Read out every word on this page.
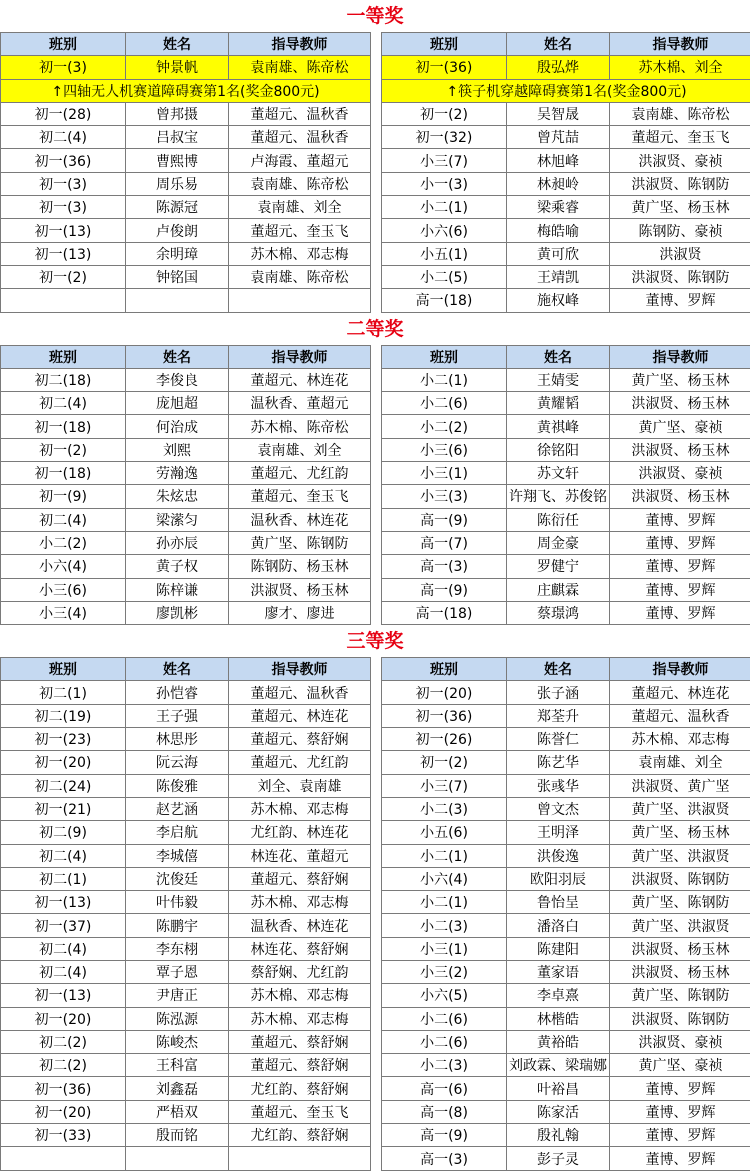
一等奖
班别	姓名	指导教师
初一(3)	钟景帆	袁南雄、陈帝松
↑四轴无人机赛道障碍赛第1名(奖金800元)		
初一(28)	曾邦摄	董超元、温秋香
初二(4)	吕叔宝	董超元、温秋香
初一(36)	曹熙博	卢海霞、董超元
初一(3)	周乐易	袁南雄、陈帝松
初一(3)	陈源冠	袁南雄、刘全
初一(13)	卢俊朗	董超元、奎玉飞
初一(13)	余明璋	苏木棉、邓志梅
初一(2)	钟铭国	袁南雄、陈帝松

班别	姓名	指导教师
初一(36)	殷弘烨	苏木棉、刘全
↑筷子机穿越障碍赛第1名(奖金800元)		
初一(2)	吴智晟	袁南雄、陈帝松
初一(32)	曾芃喆	董超元、奎玉飞
小三(7)	林旭峰	洪淑贤、豪祯
小一(3)	林昶岭	洪淑贤、陈钢防
小二(1)	梁乘睿	黄广坚、杨玉林
小六(6)	梅皓喻	陈钢防、豪祯
小五(1)	黄可欣	洪淑贤
小二(5)	王靖凯	洪淑贤、陈钢防
高一(18)	施权峰	董博、罗辉
二等奖
班别	姓名	指导教师
初二(18)	李俊良	董超元、林连花
初二(4)	庞旭超	温秋香、董超元
初一(18)	何治成	苏木棉、陈帝松
初一(2)	刘熙	袁南雄、刘全
初一(18)	劳瀚逸	董超元、尤红韵
初一(9)	朱炫忠	董超元、奎玉飞
初二(4)	梁潆匀	温秋香、林连花
小二(2)	孙亦辰	黄广坚、陈钢防
小六(4)	黄子权	陈钢防、杨玉林
小三(6)	陈梓谦	洪淑贤、杨玉林
小三(4)	廖凯彬	廖才、廖进
班别	姓名	指导教师
小二(1)	王婧雯	黄广坚、杨玉林
小二(6)	黄耀韬	洪淑贤、杨玉林
小二(2)	黄祺峰	黄广坚、豪祯
小三(6)	徐铭阳	洪淑贤、杨玉林
小三(1)	苏文轩	洪淑贤、豪祯
小三(3)	许翔飞、苏俊铭	洪淑贤、杨玉林
高一(9)	陈衍任	董博、罗辉
高一(7)	周金豪	董博、罗辉
高一(3)	罗健宁	董博、罗辉
高一(9)	庄麒霖	董博、罗辉
高一(18)	蔡璟鸿	董博、罗辉
三等奖
班别	姓名	指导教师
初二(1)	孙恺睿	董超元、温秋香
初二(19)	王子强	董超元、林连花
初一(23)	林思彤	董超元、蔡舒娴
初一(20)	阮云海	董超元、尤红韵
初二(24)	陈俊雅	刘全、袁南雄
初一(21)	赵艺涵	苏木棉、邓志梅
初二(9)	李启航	尤红韵、林连花
初二(4)	李城僖	林连花、董超元
初二(1)	沈俊廷	董超元、蔡舒娴
初一(13)	叶伟毅	苏木棉、邓志梅
初一(37)	陈鹏宇	温秋香、林连花
初二(4)	李东栩	林连花、蔡舒娴
初二(4)	覃子恩	蔡舒娴、尤红韵
初一(13)	尹唐正	苏木棉、邓志梅
初一(20)	陈泓源	苏木棉、邓志梅
初二(2)	陈峻杰	董超元、蔡舒娴
初二(2)	王科富	董超元、蔡舒娴
初一(36)	刘鑫磊	尤红韵、蔡舒娴
初一(20)	严梧双	董超元、奎玉飞
初一(33)	殷而铭	尤红韵、蔡舒娴

班别	姓名	指导教师
初一(20)	张子涵	董超元、林连花
初一(36)	郑荃升	董超元、温秋香
初一(26)	陈誉仁	苏木棉、邓志梅
初一(2)	陈艺华	袁南雄、刘全
小三(7)	张彧华	洪淑贤、黄广坚
小二(3)	曾文杰	黄广坚、洪淑贤
小五(6)	王明泽	黄广坚、杨玉林
小二(1)	洪俊逸	黄广坚、洪淑贤
小六(4)	欧阳羽辰	洪淑贤、陈钢防
小二(1)	鲁怡呈	黄广坚、陈钢防
小二(3)	潘洛白	黄广坚、洪淑贤
小三(1)	陈建阳	洪淑贤、杨玉林
小三(2)	董家语	洪淑贤、杨玉林
小六(5)	李卓熹	黄广坚、陈钢防
小二(6)	林楷皓	洪淑贤、陈钢防
小二(6)	黄裕皓	洪淑贤、豪祯
小二(3)	刘政霖、梁瑞娜	黄广坚、豪祯
高一(6)	叶裕昌	董博、罗辉
高一(8)	陈家活	董博、罗辉
高一(9)	殷礼翰	董博、罗辉
高一(3)	彭子灵	董博、罗辉
